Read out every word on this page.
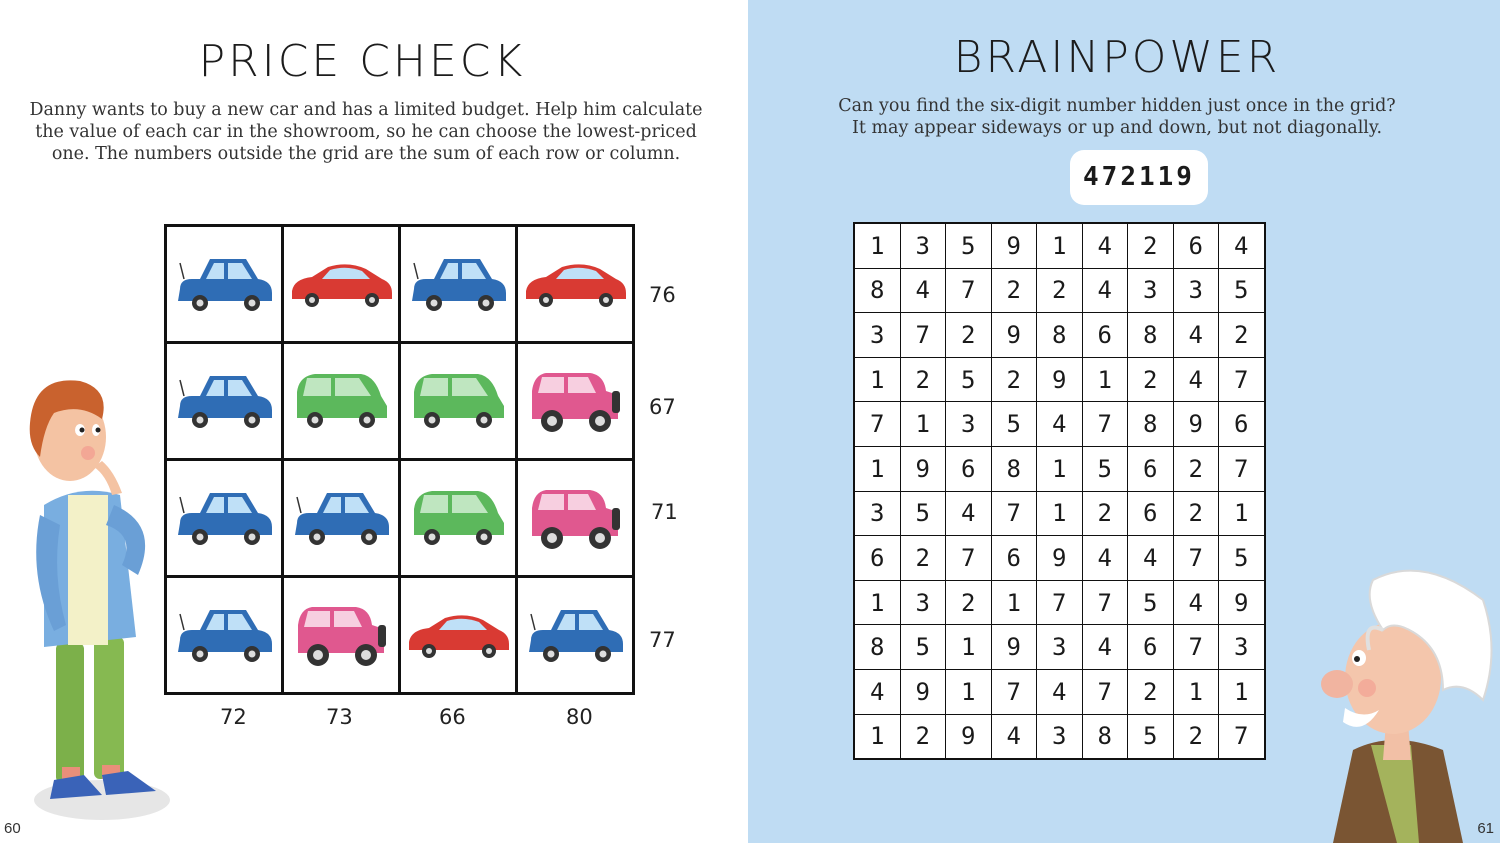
PRICE CHECK
Danny wants to buy a new car and has a limited budget. Help him calculate
the value of each car in the showroom, so he can choose the lowest-priced
one. The numbers outside the grid are the sum of each row or column.
76
67
71
77
72	73	66	80
60
BRAINPOWER
Can you find the six-digit number hidden just once in the grid?
It may appear sideways or up and down, but not diagonally.
472119
1	3	5	9	1	4	2	6	4
8	4	7	2	2	4	3	3	5
3	7	2	9	8	6	8	4	2
1	2	5	2	9	1	2	4	7
7	1	3	5	4	7	8	9	6
1	9	6	8	1	5	6	2	7
3	5	4	7	1	2	6	2	1
6	2	7	6	9	4	4	7	5
1	3	2	1	7	7	5	4	9
8	5	1	9	3	4	6	7	3
4	9	1	7	4	7	2	1	1
1	2	9	4	3	8	5	2	7
61
